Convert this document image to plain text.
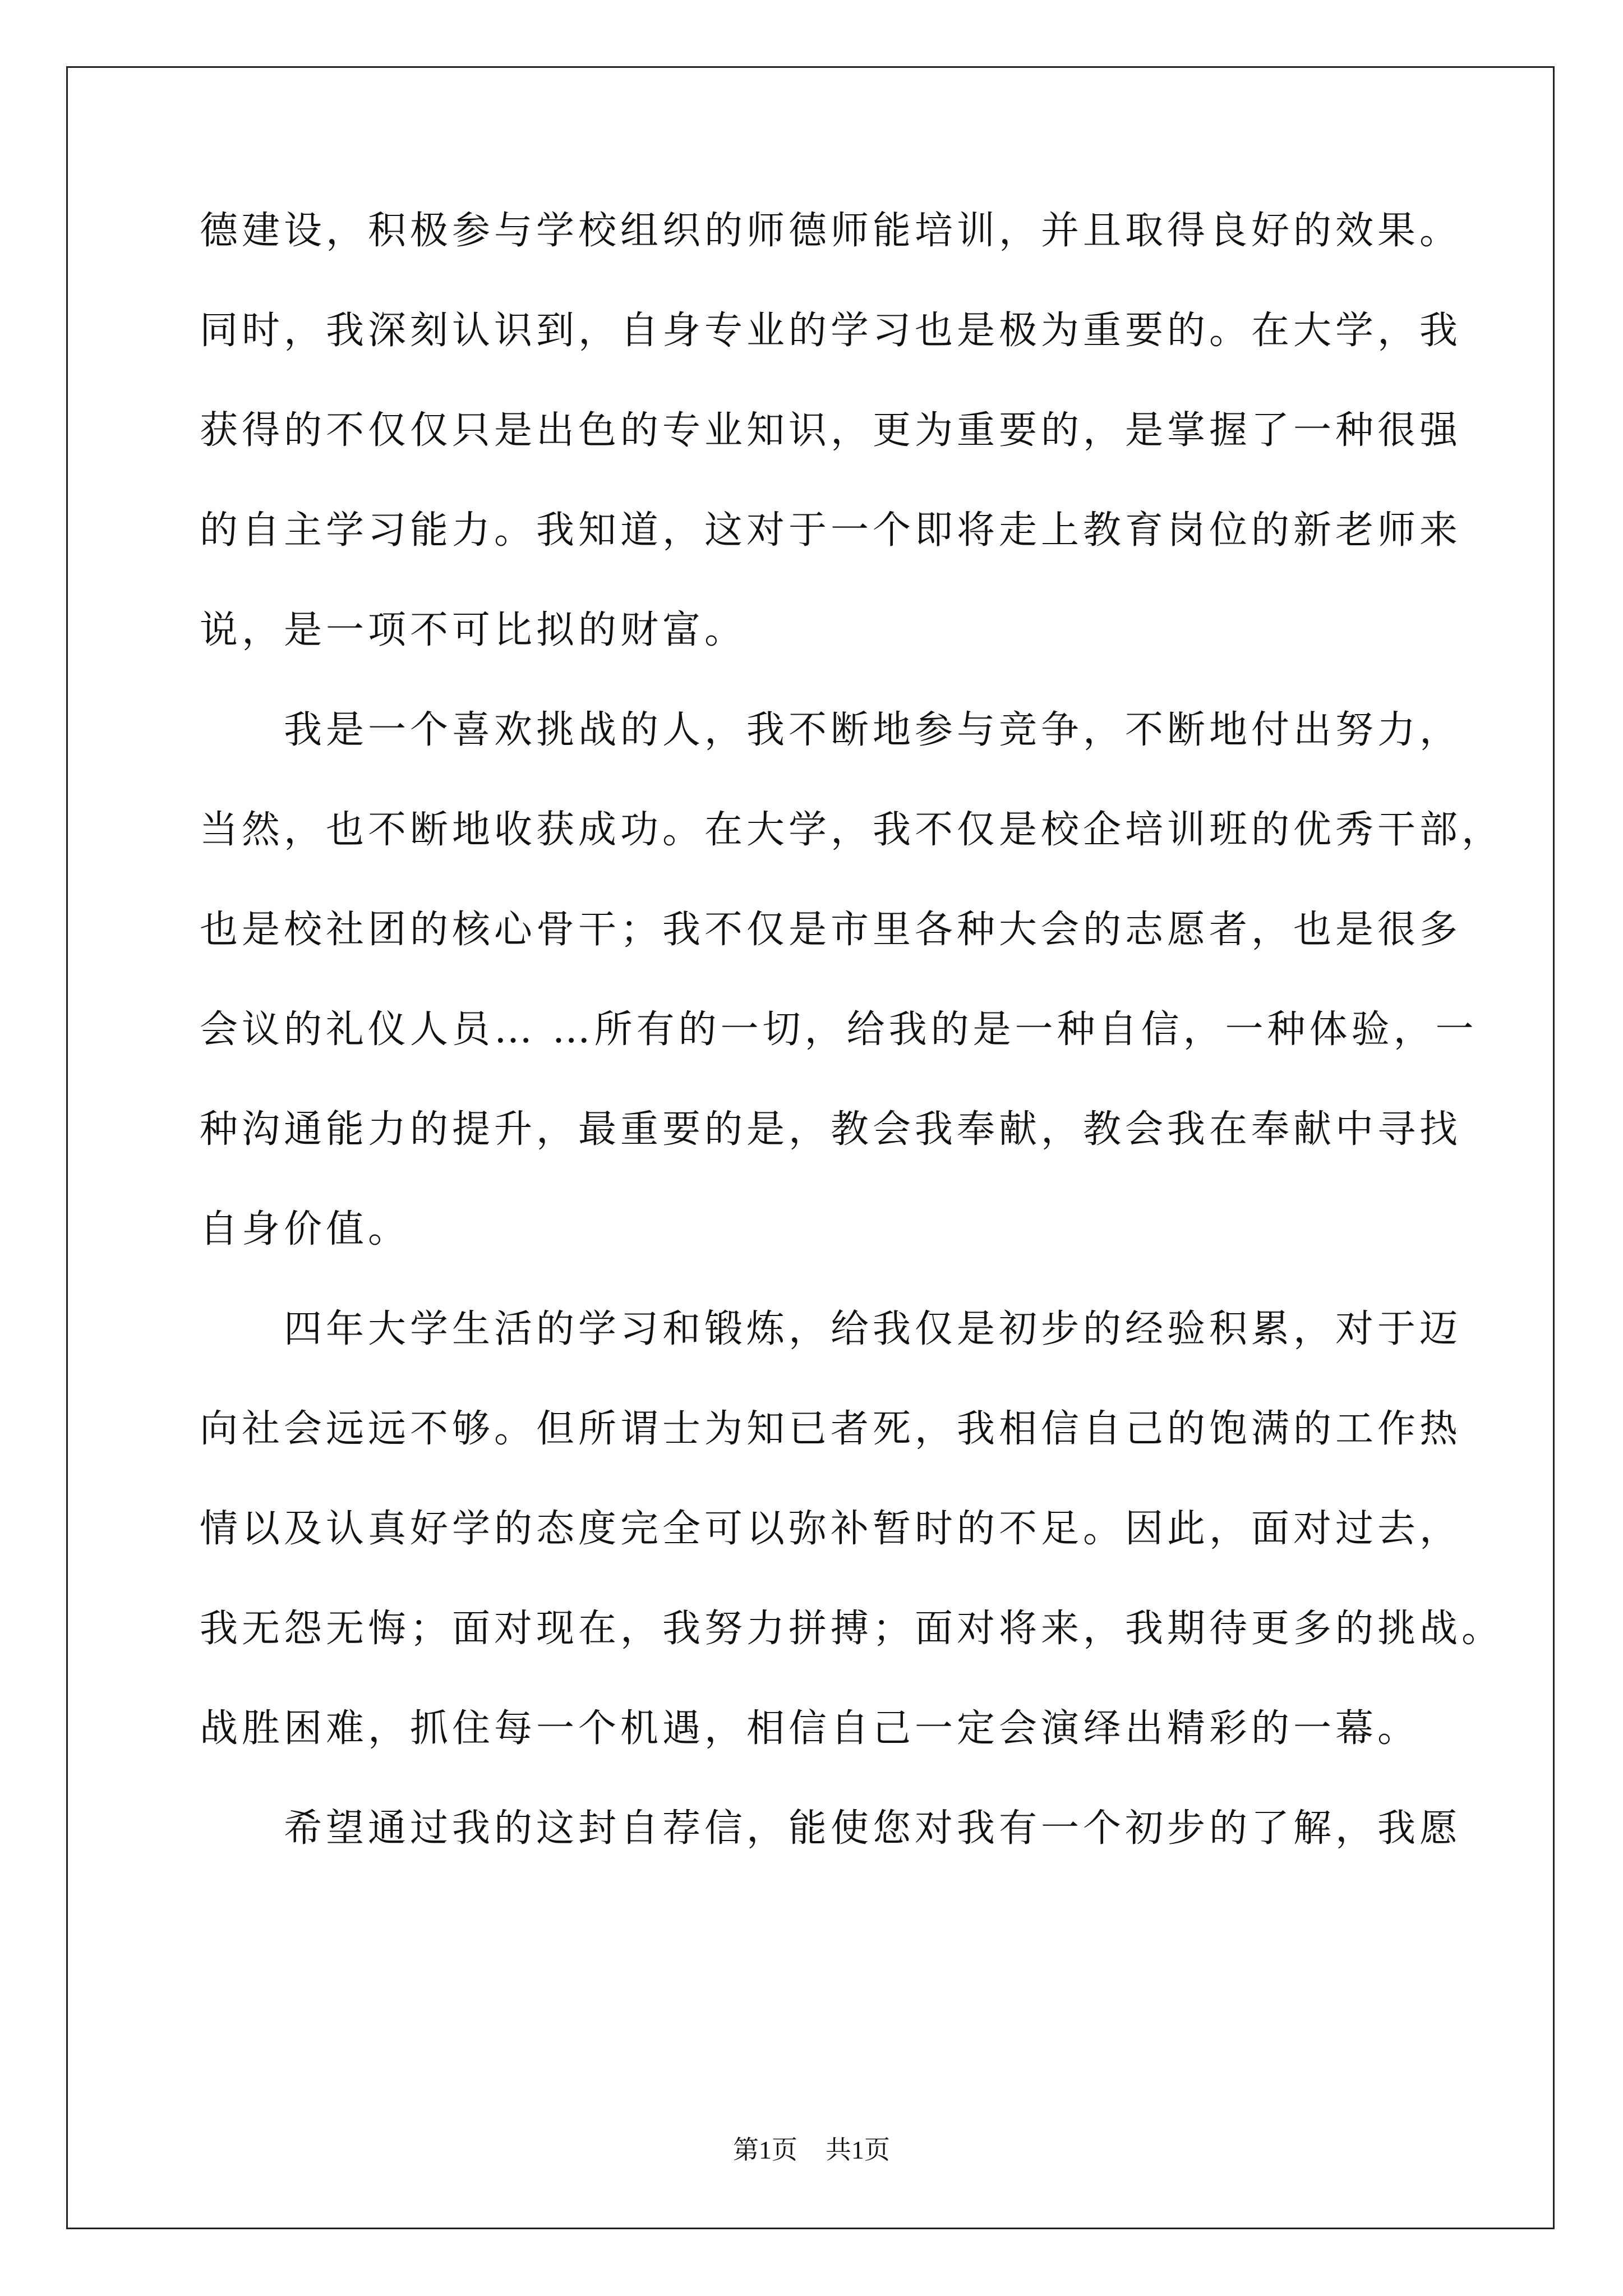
德建设，积极参与学校组织的师德师能培训，并且取得良好的效果。
同时，我深刻认识到，自身专业的学习也是极为重要的。在大学，我
获得的不仅仅只是出色的专业知识，更为重要的，是掌握了一种很强
的自主学习能力。我知道，这对于一个即将走上教育岗位的新老师来
说，是一项不可比拟的财富。
　　我是一个喜欢挑战的人，我不断地参与竞争，不断地付出努力，
当然，也不断地收获成功。在大学，我不仅是校企培训班的优秀干部，
也是校社团的核心骨干；我不仅是市里各种大会的志愿者，也是很多
会议的礼仪人员… …所有的一切，给我的是一种自信，一种体验，一
种沟通能力的提升，最重要的是，教会我奉献，教会我在奉献中寻找
自身价值。
　　四年大学生活的学习和锻炼，给我仅是初步的经验积累，对于迈
向社会远远不够。但所谓士为知已者死，我相信自己的饱满的工作热
情以及认真好学的态度完全可以弥补暂时的不足。因此，面对过去，
我无怨无悔；面对现在，我努力拼搏；面对将来，我期待更多的挑战。
战胜困难，抓住每一个机遇，相信自己一定会演绎出精彩的一幕。
　　希望通过我的这封自荐信，能使您对我有一个初步的了解，我愿
第1页 共1页
